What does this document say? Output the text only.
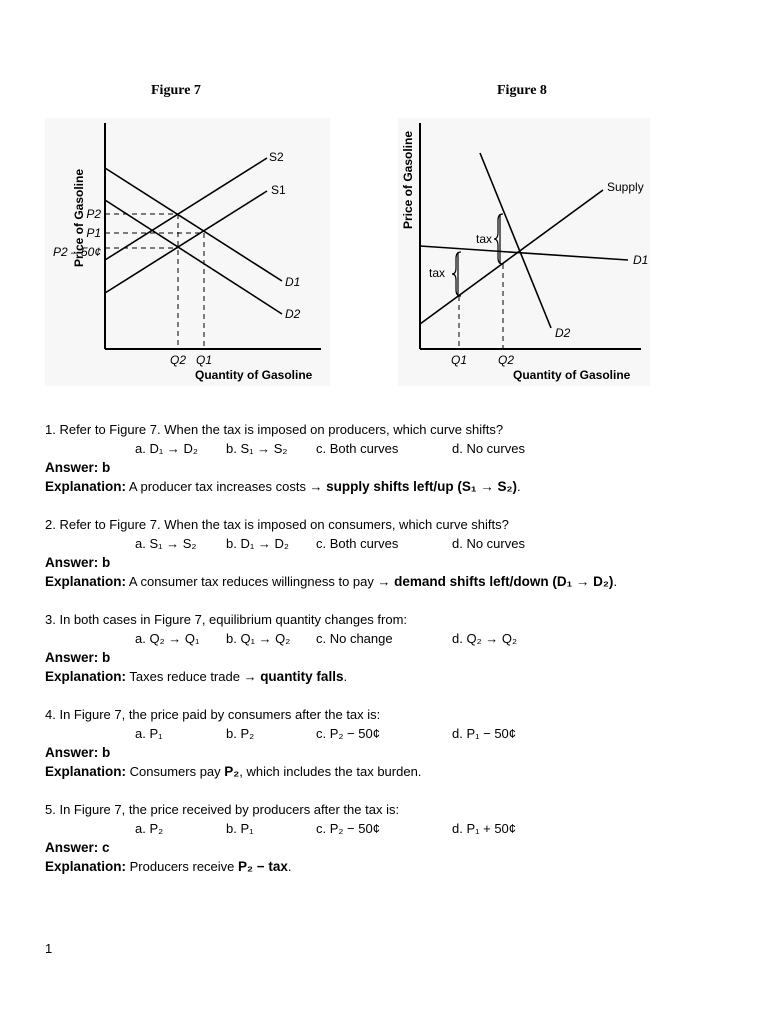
Figure 7	Figure 8
Price of Gasoline
Quantity of Gasoline
S2
S1
D1
D2
P2
P1
P2 – 50¢
Q2 Q1
Price of Gasoline
Quantity of Gasoline
tax
tax
Supply
D1
D2
Q1	Q2
1. Refer to Figure 7. When the tax is imposed on producers, which curve shifts?
a. D₁ → D₂ b. S₁ → S₂ c. Both curves	d. No curves
Answer: b
Explanation: A producer tax increases costs → supply shifts left/up (S₁ → S₂).
2. Refer to Figure 7. When the tax is imposed on consumers, which curve shifts?
a. S₁ → S₂ b. D₁ → D₂ c. Both curves	d. No curves
Answer: b
Explanation: A consumer tax reduces willingness to pay → demand shifts left/down (D₁ → D₂).
3. In both cases in Figure 7, equilibrium quantity changes from:
a. Q₂ → Q₁ b. Q₁ → Q₂ c. No change	d. Q₂ → Q₂
Answer: b
Explanation: Taxes reduce trade → quantity falls.
4. In Figure 7, the price paid by consumers after the tax is:
a. P₁	b. P₂	c. P₂ − 50¢	d. P₁ − 50¢
Answer: b
Explanation: Consumers pay P₂, which includes the tax burden.
5. In Figure 7, the price received by producers after the tax is:
a. P₂	b. P₁	c. P₂ − 50¢	d. P₁ + 50¢
Answer: c
Explanation: Producers receive P₂ − tax.
1
